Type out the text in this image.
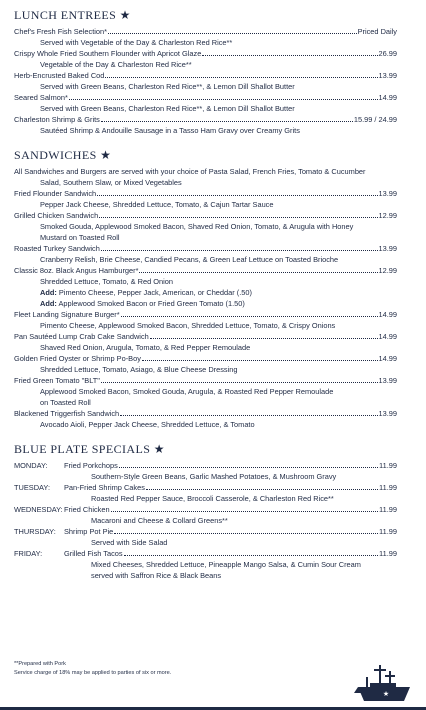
LUNCH ENTREES ★
Chef's Fresh Fish Selection*	Priced Daily
Served with Vegetable of the Day & Charleston Red Rice**
Crispy Whole Fried Southern Flounder with Apricot Glaze	26.99
Vegetable of the Day & Charleston Red Rice**
Herb-Encrusted Baked Cod	13.99
Served with Green Beans, Charleston Red Rice**, & Lemon Dill Shallot Butter
Seared Salmon*	14.99
Served with Green Beans, Charleston Red Rice**, & Lemon Dill Shallot Butter
Charleston Shrimp & Grits	15.99 / 24.99
Sautéed Shrimp & Andouille Sausage in a Tasso Ham Gravy over Creamy Grits
SANDWICHES ★
All Sandwiches and Burgers are served with your choice of Pasta Salad, French Fries, Tomato & Cucumber
Salad, Southern Slaw, or Mixed Vegetables
Fried Flounder Sandwich	13.99
Pepper Jack Cheese, Shredded Lettuce, Tomato, & Cajun Tartar Sauce
Grilled Chicken Sandwich	12.99
Smoked Gouda, Applewood Smoked Bacon, Shaved Red Onion, Tomato, & Arugula with Honey
Mustard on Toasted Roll
Roasted Turkey Sandwich	13.99
Cranberry Relish, Brie Cheese, Candied Pecans, & Green Leaf Lettuce on Toasted Brioche
Classic 8oz. Black Angus Hamburger*	12.99
Shredded Lettuce, Tomato, & Red Onion
Add: Pimento Cheese, Pepper Jack, American, or Cheddar (.50)
Add: Applewood Smoked Bacon or Fried Green Tomato (1.50)
Fleet Landing Signature Burger*	14.99
Pimento Cheese, Applewood Smoked Bacon, Shredded Lettuce, Tomato, & Crispy Onions
Pan Sautéed Lump Crab Cake Sandwich	14.99
Shaved Red Onion, Arugula, Tomato, & Red Pepper Remoulade
Golden Fried Oyster or Shrimp Po-Boy	14.99
Shredded Lettuce, Tomato, Asiago, & Blue Cheese Dressing
Fried Green Tomato "BLT"	13.99
Applewood Smoked Bacon, Smoked Gouda, Arugula, & Roasted Red Pepper Remoulade
on Toasted Roll
Blackened Triggerfish Sandwich	13.99
Avocado Aioli, Pepper Jack Cheese, Shredded Lettuce, & Tomato
BLUE PLATE SPECIALS ★
MONDAY:	Fried Porkchops	11.99
Southern-Style Green Beans, Garlic Mashed Potatoes, & Mushroom Gravy
TUESDAY:	Pan-Fried Shrimp Cakes	11.99
Roasted Red Pepper Sauce, Broccoli Casserole, & Charleston Red Rice**
WEDNESDAY: Fried Chicken	11.99
Macaroni and Cheese & Collard Greens**
THURSDAY:	Shrimp Pot Pie	11.99
Served with Side Salad
FRIDAY:	Grilled Fish Tacos	11.99
Mixed Cheeses, Shredded Lettuce, Pineapple Mango Salsa, & Cumin Sour Cream
served with Saffron Rice & Black Beans
**Prepared with Pork
Service charge of 18% may be applied to parties of six or more.
★
